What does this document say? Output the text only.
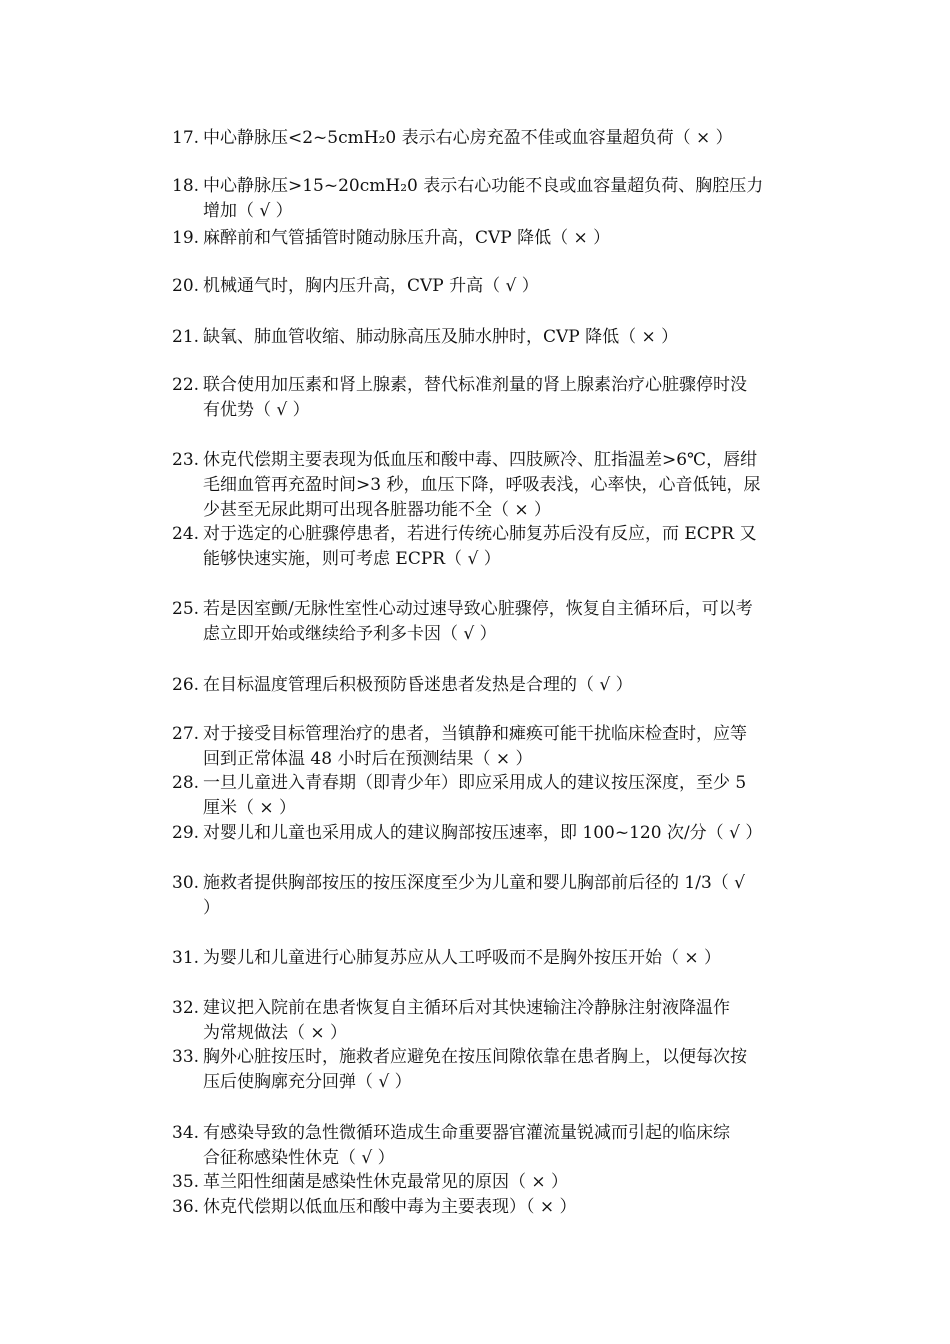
17. 中心静脉压<2~5cmH₂0 表示右心房充盈不佳或血容量超负荷（ × ）
18. 中心静脉压>15~20cmH₂0 表示右心功能不良或血容量超负荷、胸腔压力
增加（ √ ）
19. 麻醉前和气管插管时随动脉压升高，CVP 降低（ × ）
20. 机械通气时，胸内压升高，CVP 升高（ √ ）
21. 缺氧、肺血管收缩、肺动脉高压及肺水肿时，CVP 降低（ × ）
22. 联合使用加压素和肾上腺素，替代标准剂量的肾上腺素治疗心脏骤停时没
有优势（ √ ）
23. 休克代偿期主要表现为低血压和酸中毒、四肢厥冷、肛指温差>6℃，唇绀
毛细血管再充盈时间>3 秒，血压下降，呼吸表浅，心率快，心音低钝，尿
少甚至无尿此期可出现各脏器功能不全（ × ）
24. 对于选定的心脏骤停患者，若进行传统心肺复苏后没有反应，而 ECPR 又
能够快速实施，则可考虑 ECPR（ √ ）
25. 若是因室颤/无脉性室性心动过速导致心脏骤停，恢复自主循环后，可以考
虑立即开始或继续给予利多卡因（ √ ）
26. 在目标温度管理后积极预防昏迷患者发热是合理的（ √ ）
27. 对于接受目标管理治疗的患者，当镇静和瘫痪可能干扰临床检查时，应等
回到正常体温 48 小时后在预测结果（ × ）
28. 一旦儿童进入青春期（即青少年）即应采用成人的建议按压深度，至少 5
厘米（ × ）
29. 对婴儿和儿童也采用成人的建议胸部按压速率，即 100~120 次/分（ √ ）
30. 施救者提供胸部按压的按压深度至少为儿童和婴儿胸部前后径的 1/3（ √
）
31. 为婴儿和儿童进行心肺复苏应从人工呼吸而不是胸外按压开始（ × ）
32. 建议把入院前在患者恢复自主循环后对其快速输注冷静脉注射液降温作
为常规做法（ × ）
33. 胸外心脏按压时，施救者应避免在按压间隙依靠在患者胸上，以便每次按
压后使胸廓充分回弹（ √ ）
34. 有感染导致的急性微循环造成生命重要器官灌流量锐减而引起的临床综
合征称感染性休克（ √ ）
35. 革兰阳性细菌是感染性休克最常见的原因（ × ）
36. 休克代偿期以低血压和酸中毒为主要表现）（ × ）
